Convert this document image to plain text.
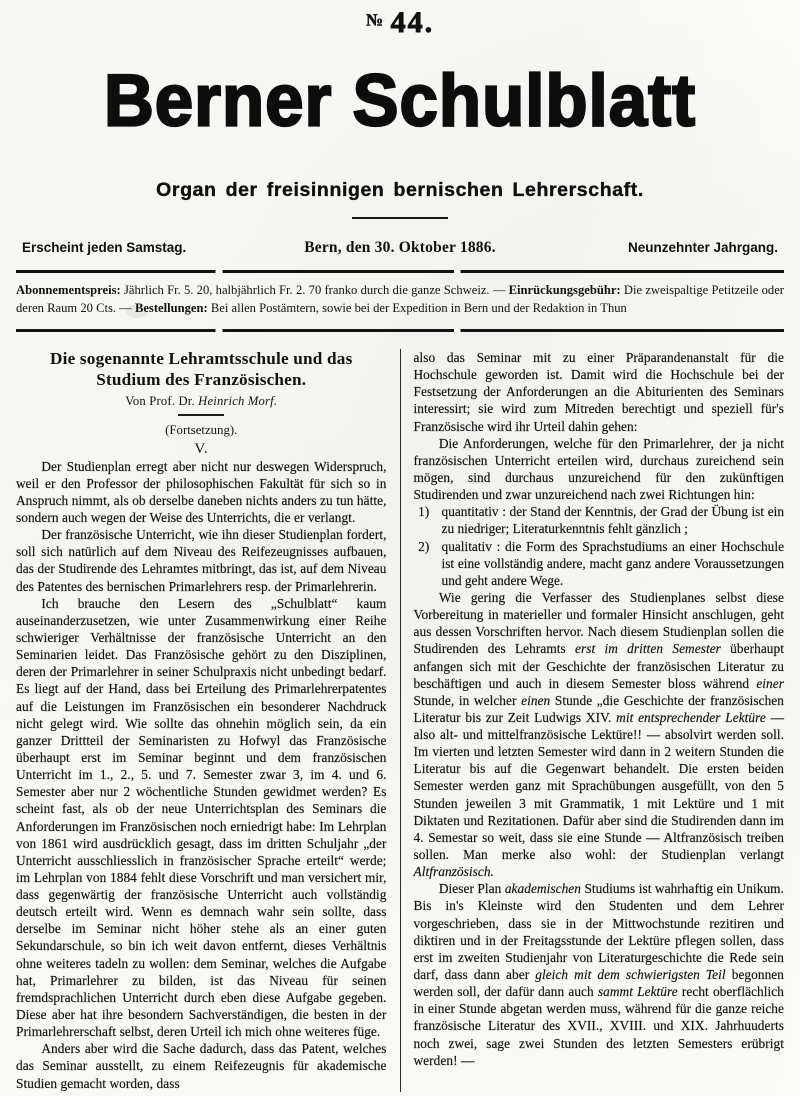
№ 44.
Berner Schulblatt
Organ der freisinnigen bernischen Lehrerschaft.
Erscheint jeden Samstag.	Bern, den 30. Oktober 1886.	Neunzehnter Jahrgang.
Abonnementspreis: Jährlich Fr. 5. 20, halbjährlich Fr. 2. 70 franko durch die ganze Schweiz. — Einrückungsgebühr: Die zweispaltige Petitzeile oder deren Raum 20 Cts. — Bestellungen: Bei allen Postämtern, sowie bei der Expedition in Bern und der Redaktion in Thun
Die sogenannte Lehramtsschule und das
Studium des Französischen.
Von Prof. Dr. Heinrich Morf.
(Fortsetzung).
V.

Der Studienplan erregt aber nicht nur deswegen Widerspruch, weil er den Professor der philosophischen Fakultät für sich so in Anspruch nimmt, als ob derselbe daneben nichts anders zu tun hätte, sondern auch wegen der Weise des Unterrichts, die er verlangt.

Der französische Unterricht, wie ihn dieser Studienplan fordert, soll sich natürlich auf dem Niveau des Reifezeugnisses aufbauen, das der Studirende des Lehramtes mitbringt, das ist, auf dem Niveau des Patentes des bernischen Primarlehrers resp. der Primarlehrerin.

Ich brauche den Lesern des „Schulblatt“ kaum auseinanderzusetzen, wie unter Zusammenwirkung einer Reihe schwieriger Verhältnisse der französische Unterricht an den Seminarien leidet. Das Französische gehört zu den Disziplinen, deren der Primarlehrer in seiner Schulpraxis nicht unbedingt bedarf. Es liegt auf der Hand, dass bei Erteilung des Primarlehrerpatentes auf die Leistungen im Französischen ein besonderer Nachdruck nicht gelegt wird. Wie sollte das ohnehin möglich sein, da ein ganzer Drittteil der Seminaristen zu Hofwyl das Französische überhaupt erst im Seminar beginnt und dem französischen Unterricht im 1., 2., 5. und 7. Semester zwar 3, im 4. und 6. Semester aber nur 2 wöchentliche Stunden gewidmet werden? Es scheint fast, als ob der neue Unterrichtsplan des Seminars die Anforderungen im Französischen noch erniedrigt habe: Im Lehrplan von 1861 wird ausdrücklich gesagt, dass im dritten Schuljahr „der Unterricht ausschliesslich in französischer Sprache erteilt“ werde; im Lehrplan von 1884 fehlt diese Vorschrift und man versichert mir, dass gegenwärtig der französische Unterricht auch vollständig deutsch erteilt wird. Wenn es demnach wahr sein sollte, dass derselbe im Seminar nicht höher stehe als an einer guten Sekundarschule, so bin ich weit davon entfernt, dieses Verhältnis ohne weiteres tadeln zu wollen: dem Seminar, welches die Aufgabe hat, Primarlehrer zu bilden, ist das Niveau für seinen fremdsprachlichen Unterricht durch eben diese Aufgabe gegeben. Diese aber hat ihre besondern Sachverständigen, die besten in der Primarlehrerschaft selbst, deren Urteil ich mich ohne weiteres füge.

Anders aber wird die Sache dadurch, dass das Patent, welches das Seminar ausstellt, zu einem Reifezeugnis für akademische Studien gemacht worden, dass

also das Seminar mit zu einer Präparandenanstalt für die Hochschule geworden ist. Damit wird die Hochschule bei der Festsetzung der Anforderungen an die Abiturienten des Seminars interessirt; sie wird zum Mitreden berechtigt und speziell für's Französische wird ihr Urteil dahin gehen:

Die Anforderungen, welche für den Primarlehrer, der ja nicht französischen Unterricht erteilen wird, durchaus zureichend sein mögen, sind durchaus unzureichend für den zukünftigen Studirenden und zwar unzureichend nach zwei Richtungen hin:

1) quantitativ : der Stand der Kenntnis, der Grad der Übung ist ein zu niedriger; Literaturkenntnis fehlt gänzlich ;
2) qualitativ : die Form des Sprachstudiums an einer Hochschule ist eine vollständig andere, macht ganz andere Voraussetzungen und geht andere Wege.

Wie gering die Verfasser des Studienplanes selbst diese Vorbereitung in materieller und formaler Hinsicht anschlugen, geht aus dessen Vorschriften hervor. Nach diesem Studienplan sollen die Studirenden des Lehramts erst im dritten Semester überhaupt anfangen sich mit der Geschichte der französischen Literatur zu beschäftigen und auch in diesem Semester bloss während einer Stunde, in welcher einen Stunde „die Geschichte der französischen Literatur bis zur Zeit Ludwigs XIV. mit entsprechender Lektüre — also alt- und mittelfranzösische Lektüre!! — absolvirt werden soll. Im vierten und letzten Semester wird dann in 2 weitern Stunden die Literatur bis auf die Gegenwart behandelt. Die ersten beiden Semester werden ganz mit Sprachübungen ausgefüllt, von den 5 Stunden jeweilen 3 mit Grammatik, 1 mit Lektüre und 1 mit Diktaten und Rezitationen. Dafür aber sind die Studirenden dann im 4. Semestar so weit, dass sie eine Stunde — Altfranzösisch treiben sollen. Man merke also wohl: der Studienplan verlangt Altfranzösisch.

Dieser Plan akademischen Studiums ist wahrhaftig ein Unikum. Bis in's Kleinste wird den Studenten und dem Lehrer vorgeschrieben, dass sie in der Mittwochstunde rezitiren und diktiren und in der Freitagsstunde der Lektüre pflegen sollen, dass erst im zweiten Studienjahr von Literaturgeschichte die Rede sein darf, dass dann aber gleich mit dem schwierigsten Teil begonnen werden soll, der dafür dann auch sammt Lektüre recht oberflächlich in einer Stunde abgetan werden muss, während für die ganze reiche französische Literatur des XVII., XVIII. und XIX. Jahrhuuderts noch zwei, sage zwei Stunden des letzten Semesters erübrigt werden! —
